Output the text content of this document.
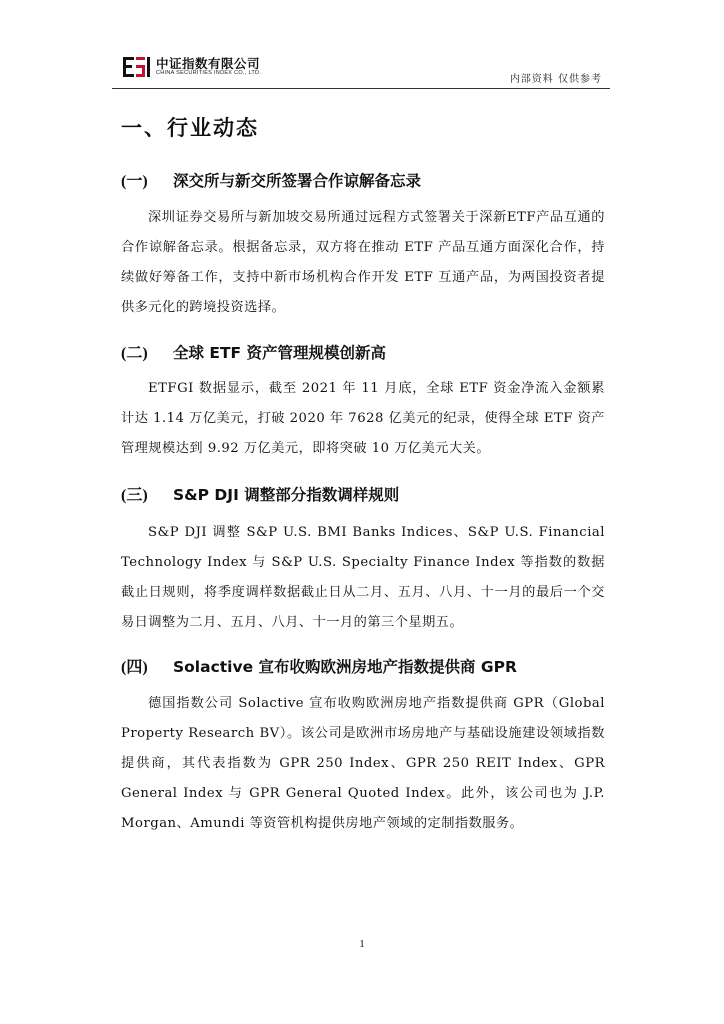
中证指数有限公司
CHINA SECURITIES INDEX CO., LTD.
内部资料 仅供参考
一、行业动态
(一) 深交所与新交所签署合作谅解备忘录

深圳证券交易所与新加坡交易所通过远程方式签署关于深新ETF产品互通的合作谅解备忘录。根据备忘录，双方将在推动 ETF 产品互通方面深化合作，持续做好筹备工作，支持中新市场机构合作开发 ETF 互通产品，为两国投资者提供多元化的跨境投资选择。

(二) 全球 ETF 资产管理规模创新高

ETFGI 数据显示，截至 2021 年 11 月底，全球 ETF 资金净流入金额累计达 1.14 万亿美元，打破 2020 年 7628 亿美元的纪录，使得全球 ETF 资产管理规模达到 9.92 万亿美元，即将突破 10 万亿美元大关。

(三) S&P DJI 调整部分指数调样规则

S&P DJI 调整 S&P U.S. BMI Banks Indices、S&P U.S. Financial Technology Index 与 S&P U.S. Specialty Finance Index 等指数的数据截止日规则，将季度调样数据截止日从二月、五月、八月、十一月的最后一个交易日调整为二月、五月、八月、十一月的第三个星期五。

(四) Solactive 宣布收购欧洲房地产指数提供商 GPR

德国指数公司 Solactive 宣布收购欧洲房地产指数提供商 GPR（Global Property Research BV）。该公司是欧洲市场房地产与基础设施建设领域指数提供商，其代表指数为 GPR 250 Index、GPR 250 REIT Index、GPR General Index 与 GPR General Quoted Index。此外，该公司也为 J.P. Morgan、Amundi 等资管机构提供房地产领域的定制指数服务。

1
